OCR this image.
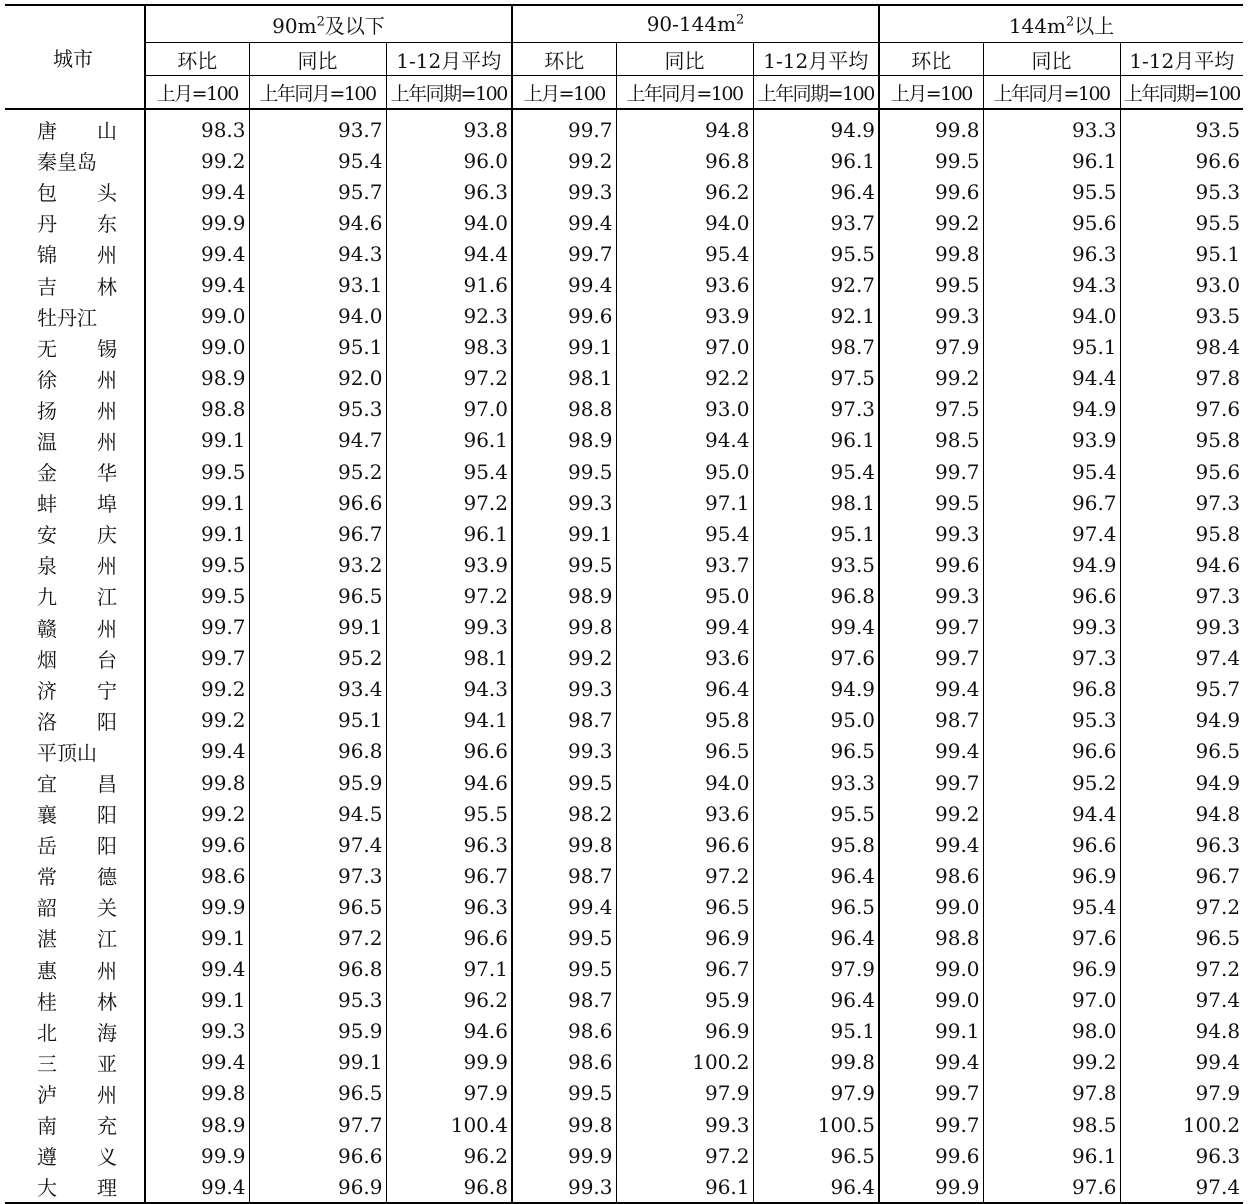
城市	$90m^2$及以下			$90-144m^2$			$144m^2$以上		
	环比	同比	1-12月平均	环比	同比	1-12月平均	环比	同比	1-12月平均
	上月=100	上年同月=100	上年同期=100	上月=100	上年同月=100	上年同期=100	上月=100	上年同月=100	上年同期=100
唐　　山	98.3	93.7	93.8	99.7	94.8	94.9	99.8	93.3	93.5
秦皇岛	99.2	95.4	96.0	99.2	96.8	96.1	99.5	96.1	96.6
包　　头	99.4	95.7	96.3	99.3	96.2	96.4	99.6	95.5	95.3
丹　　东	99.9	94.6	94.0	99.4	94.0	93.7	99.2	95.6	95.5
锦　　州	99.4	94.3	94.4	99.7	95.4	95.5	99.8	96.3	95.1
吉　　林	99.4	93.1	91.6	99.4	93.6	92.7	99.5	94.3	93.0
牡丹江	99.0	94.0	92.3	99.6	93.9	92.1	99.3	94.0	93.5
无　　锡	99.0	95.1	98.3	99.1	97.0	98.7	97.9	95.1	98.4
徐　　州	98.9	92.0	97.2	98.1	92.2	97.5	99.2	94.4	97.8
扬　　州	98.8	95.3	97.0	98.8	93.0	97.3	97.5	94.9	97.6
温　　州	99.1	94.7	96.1	98.9	94.4	96.1	98.5	93.9	95.8
金　　华	99.5	95.2	95.4	99.5	95.0	95.4	99.7	95.4	95.6
蚌　　埠	99.1	96.6	97.2	99.3	97.1	98.1	99.5	96.7	97.3
安　　庆	99.1	96.7	96.1	99.1	95.4	95.1	99.3	97.4	95.8
泉　　州	99.5	93.2	93.9	99.5	93.7	93.5	99.6	94.9	94.6
九　　江	99.5	96.5	97.2	98.9	95.0	96.8	99.3	96.6	97.3
赣　　州	99.7	99.1	99.3	99.8	99.4	99.4	99.7	99.3	99.3
烟　　台	99.7	95.2	98.1	99.2	93.6	97.6	99.7	97.3	97.4
济　　宁	99.2	93.4	94.3	99.3	96.4	94.9	99.4	96.8	95.7
洛　　阳	99.2	95.1	94.1	98.7	95.8	95.0	98.7	95.3	94.9
平顶山	99.4	96.8	96.6	99.3	96.5	96.5	99.4	96.6	96.5
宜　　昌	99.8	95.9	94.6	99.5	94.0	93.3	99.7	95.2	94.9
襄　　阳	99.2	94.5	95.5	98.2	93.6	95.5	99.2	94.4	94.8
岳　　阳	99.6	97.4	96.3	99.8	96.6	95.8	99.4	96.6	96.3
常　　德	98.6	97.3	96.7	98.7	97.2	96.4	98.6	96.9	96.7
韶　　关	99.9	96.5	96.3	99.4	96.5	96.5	99.0	95.4	97.2
湛　　江	99.1	97.2	96.6	99.5	96.9	96.4	98.8	97.6	96.5
惠　　州	99.4	96.8	97.1	99.5	96.7	97.9	99.0	96.9	97.2
桂　　林	99.1	95.3	96.2	98.7	95.9	96.4	99.0	97.0	97.4
北　　海	99.3	95.9	94.6	98.6	96.9	95.1	99.1	98.0	94.8
三　　亚	99.4	99.1	99.9	98.6	100.2	99.8	99.4	99.2	99.4
泸　　州	99.8	96.5	97.9	99.5	97.9	97.9	99.7	97.8	97.9
南　　充	98.9	97.7	100.4	99.8	99.3	100.5	99.7	98.5	100.2
遵　　义	99.9	96.6	96.2	99.9	97.2	96.5	99.6	96.1	96.3
大　　理	99.4	96.9	96.8	99.3	96.1	96.4	99.9	97.6	97.4
